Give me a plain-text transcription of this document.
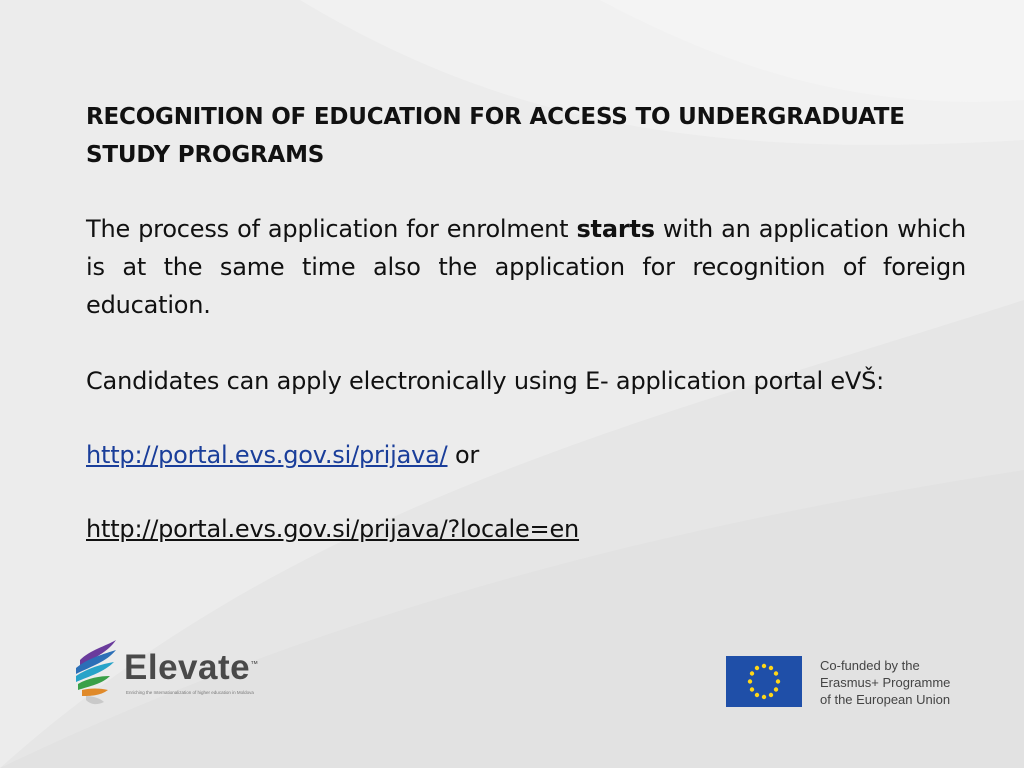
RECOGNITION OF EDUCATION FOR ACCESS TO UNDERGRADUATE
STUDY PROGRAMS

The process of application for enrolment starts with an application which is at the same time also the application for recognition of foreign education.

Candidates can apply electronically using E- application portal eVŠ:

http://portal.evs.gov.si/prijava/ or

http://portal.evs.gov.si/prijava/?locale=en

Elevate™
Enriching the Internationalization of higher education in Moldova
Co-funded by the
Erasmus+ Programme
of the European Union
